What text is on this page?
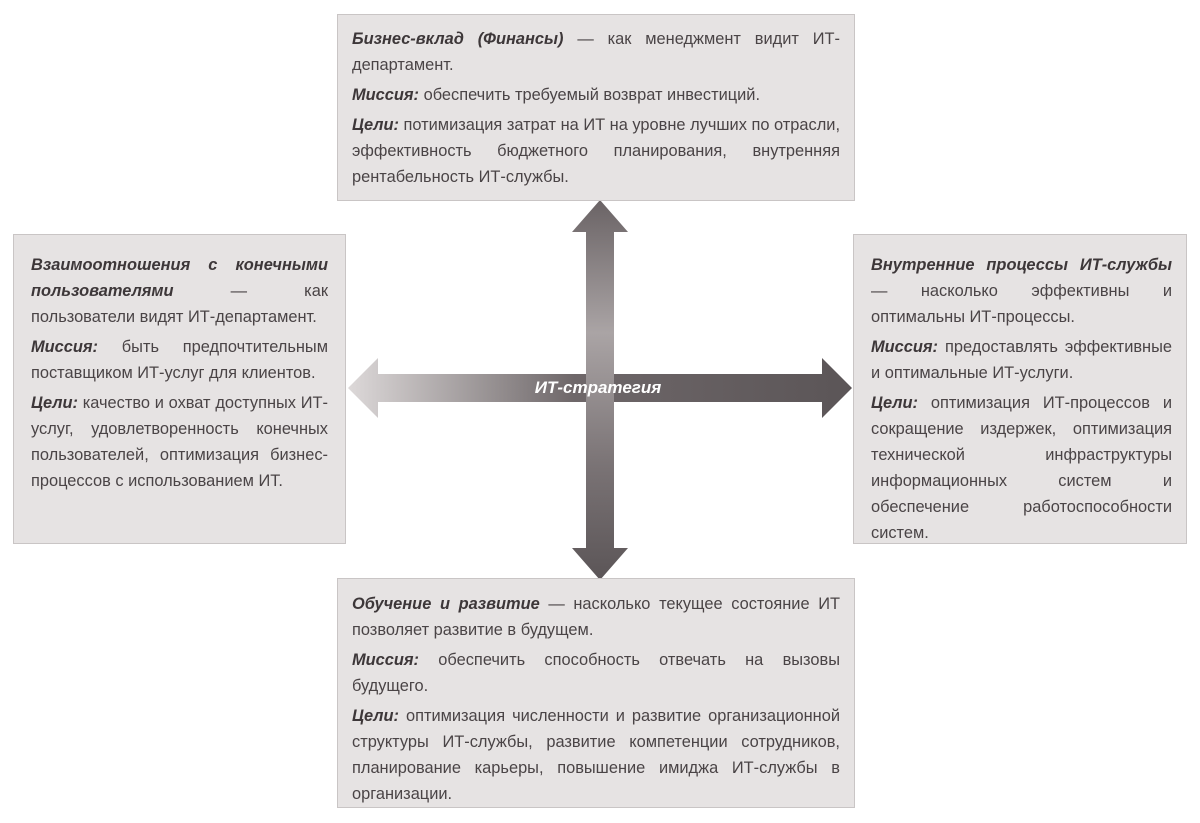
ИТ-стратегия

Бизнес-вклад (Финансы) — как менеджмент видит ИТ-департамент.

Миссия: обеспечить требуемый возврат инвестиций.

Цели: потимизация затрат на ИТ на уровне лучших по отрасли, эффективность бюджетного планирования, внутренняя рентабельность ИТ-службы.

Взаимоотношения с конечными пользователями — как пользователи видят ИТ-департамент.

Миссия: быть предпочтительным поставщиком ИТ-услуг для клиентов.

Цели: качество и охват доступных ИТ-услуг, удовлетворенность конечных пользователей, оптимизация бизнес-процессов с использованием ИТ.

Внутренние процессы ИТ-службы — насколько эффективны и оптимальны ИТ-процессы.

Миссия: предоставлять эффективные и оптимальные ИТ-услуги.

Цели: оптимизация ИТ-процессов и сокращение издержек, оптимизация технической инфраструктуры информационных систем и обеспечение работоспособности систем.

Обучение и развитие — насколько текущее состояние ИТ позволяет развитие в будущем.

Миссия: обеспечить способность отвечать на вызовы будущего.

Цели: оптимизация численности и развитие организационной структуры ИТ-службы, развитие компетенции сотрудников, планирование карьеры, повышение имиджа ИТ-службы в организации.
